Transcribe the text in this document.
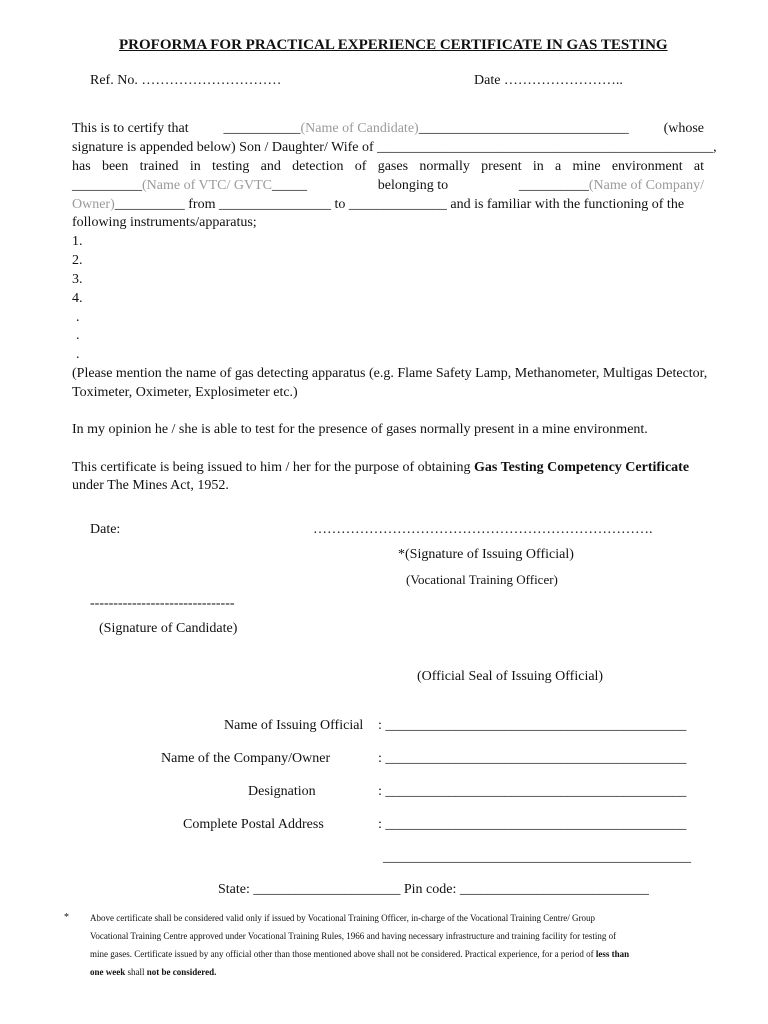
PROFORMA FOR PRACTICAL EXPERIENCE CERTIFICATE IN GAS TESTING
Ref. No. …………………………	Date ……………………..
This is to certify that ___________(Name of Candidate)______________________________ (whose
signature is appended below) Son / Daughter/ Wife of ________________________________________________,
has been trained in testing and detection of gases normally present in a mine environment at
__________(Name of VTC/ GVTC_____	belonging to	__________(Name of Company/
Owner)__________ from ________________ to ______________ and is familiar with the functioning of the
following instruments/apparatus;
1.
2.
3.
4.
.
.
.
(Please mention the name of gas detecting apparatus (e.g. Flame Safety Lamp, Methanometer, Multigas Detector,
Toximeter, Oximeter, Explosimeter etc.)
In my opinion he / she is able to test for the presence of gases normally present in a mine environment.
This certificate is being issued to him / her for the purpose of obtaining Gas Testing Competency Certificate
under The Mines Act, 1952.
Date:	……………………………………………………………….
*(Signature of Issuing Official)
(Vocational Training Officer)
-------------------------------
(Signature of Candidate)
(Official Seal of Issuing Official)
Name of Issuing Official : ___________________________________________
Name of the Company/Owner	: ___________________________________________
Designation	: ___________________________________________
Complete Postal Address	: ___________________________________________
____________________________________________
State: _____________________ Pin code: ___________________________
* Above certificate shall be considered valid only if issued by Vocational Training Officer, in-charge of the Vocational Training Centre/ Group
Vocational Training Centre approved under Vocational Training Rules, 1966 and having necessary infrastructure and training facility for testing of
mine gases. Certificate issued by any official other than those mentioned above shall not be considered. Practical experience, for a period of less than
one week shall not be considered.
